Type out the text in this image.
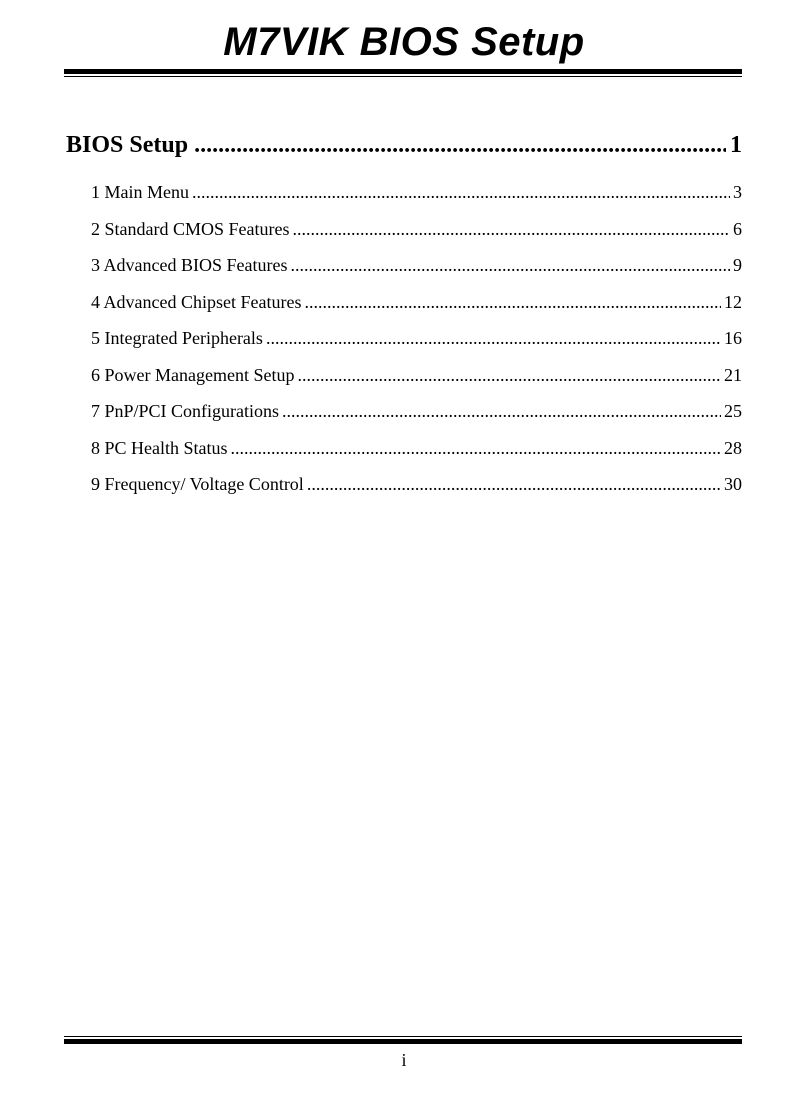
M7VIK BIOS Setup
BIOS Setup .....	1
1 Main Menu .....	3
2 Standard CMOS Features .....	6
3 Advanced BIOS Features .....	9
4 Advanced Chipset Features .....	12
5 Integrated Peripherals .....	16
6 Power Management Setup .....	21
7 PnP/PCI Configurations .....	25
8 PC Health Status .....	28
9 Frequency/ Voltage Control .....	30
i
